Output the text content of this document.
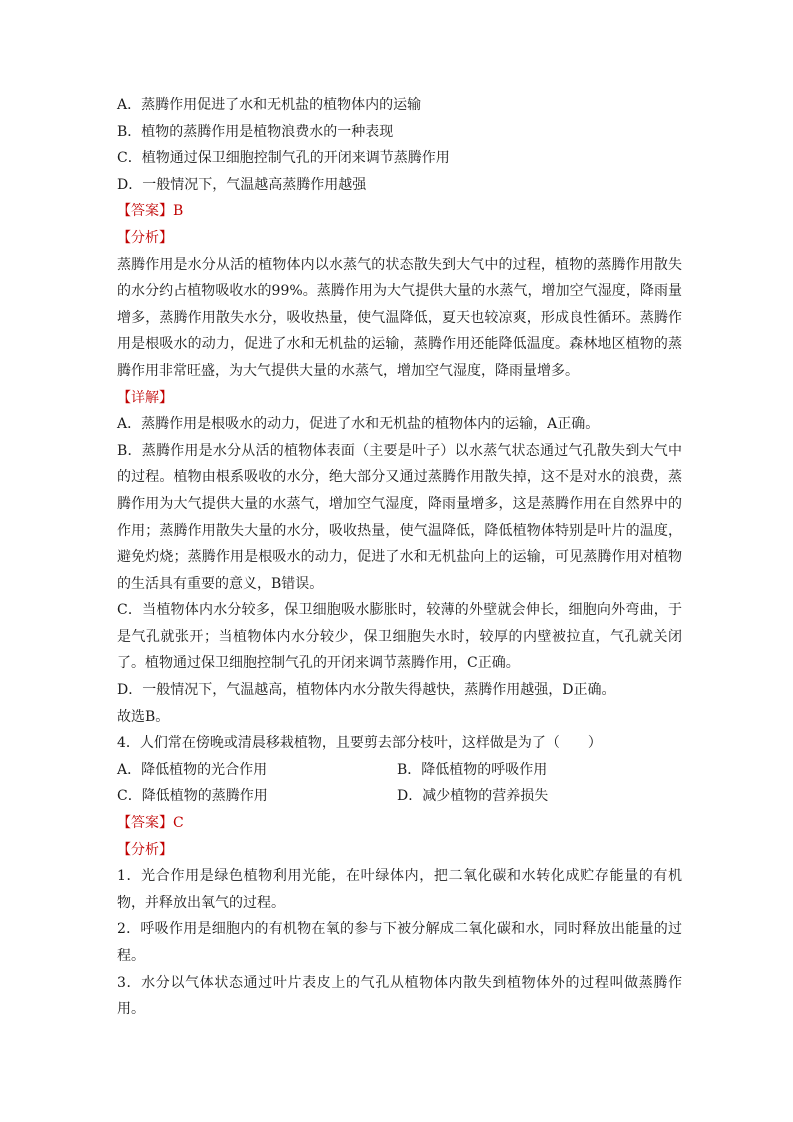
A．蒸腾作用促进了水和无机盐的植物体内的运输
B．植物的蒸腾作用是植物浪费水的一种表现
C．植物通过保卫细胞控制气孔的开闭来调节蒸腾作用
D．一般情况下，气温越高蒸腾作用越强
【答案】B
【分析】
蒸腾作用是水分从活的植物体内以水蒸气的状态散失到大气中的过程，植物的蒸腾作用散失的水分约占植物吸收水的99%。蒸腾作用为大气提供大量的水蒸气，增加空气湿度，降雨量增多，蒸腾作用散失水分，吸收热量，使气温降低，夏天也较凉爽，形成良性循环。蒸腾作用是根吸水的动力，促进了水和无机盐的运输，蒸腾作用还能降低温度。森林地区植物的蒸腾作用非常旺盛，为大气提供大量的水蒸气，增加空气湿度，降雨量增多。
【详解】
A．蒸腾作用是根吸水的动力，促进了水和无机盐的植物体内的运输，A正确。
B．蒸腾作用是水分从活的植物体表面（主要是叶子）以水蒸气状态通过气孔散失到大气中的过程。植物由根系吸收的水分，绝大部分又通过蒸腾作用散失掉，这不是对水的浪费，蒸腾作用为大气提供大量的水蒸气，增加空气湿度，降雨量增多，这是蒸腾作用在自然界中的作用；蒸腾作用散失大量的水分，吸收热量，使气温降低，降低植物体特别是叶片的温度，避免灼烧；蒸腾作用是根吸水的动力，促进了水和无机盐向上的运输，可见蒸腾作用对植物的生活具有重要的意义，B错误。
C．当植物体内水分较多，保卫细胞吸水膨胀时，较薄的外壁就会伸长，细胞向外弯曲，于是气孔就张开；当植物体内水分较少，保卫细胞失水时，较厚的内壁被拉直，气孔就关闭了。植物通过保卫细胞控制气孔的开闭来调节蒸腾作用，C正确。
D．一般情况下，气温越高，植物体内水分散失得越快，蒸腾作用越强，D正确。
故选B。
4．人们常在傍晚或清晨移栽植物，且要剪去部分枝叶，这样做是为了（　　）
A．降低植物的光合作用	B．降低植物的呼吸作用
C．降低植物的蒸腾作用	D．减少植物的营养损失
【答案】C
【分析】
1．光合作用是绿色植物利用光能，在叶绿体内，把二氧化碳和水转化成贮存能量的有机物，并释放出氧气的过程。
2．呼吸作用是细胞内的有机物在氧的参与下被分解成二氧化碳和水，同时释放出能量的过程。
3．水分以气体状态通过叶片表皮上的气孔从植物体内散失到植物体外的过程叫做蒸腾作用。
